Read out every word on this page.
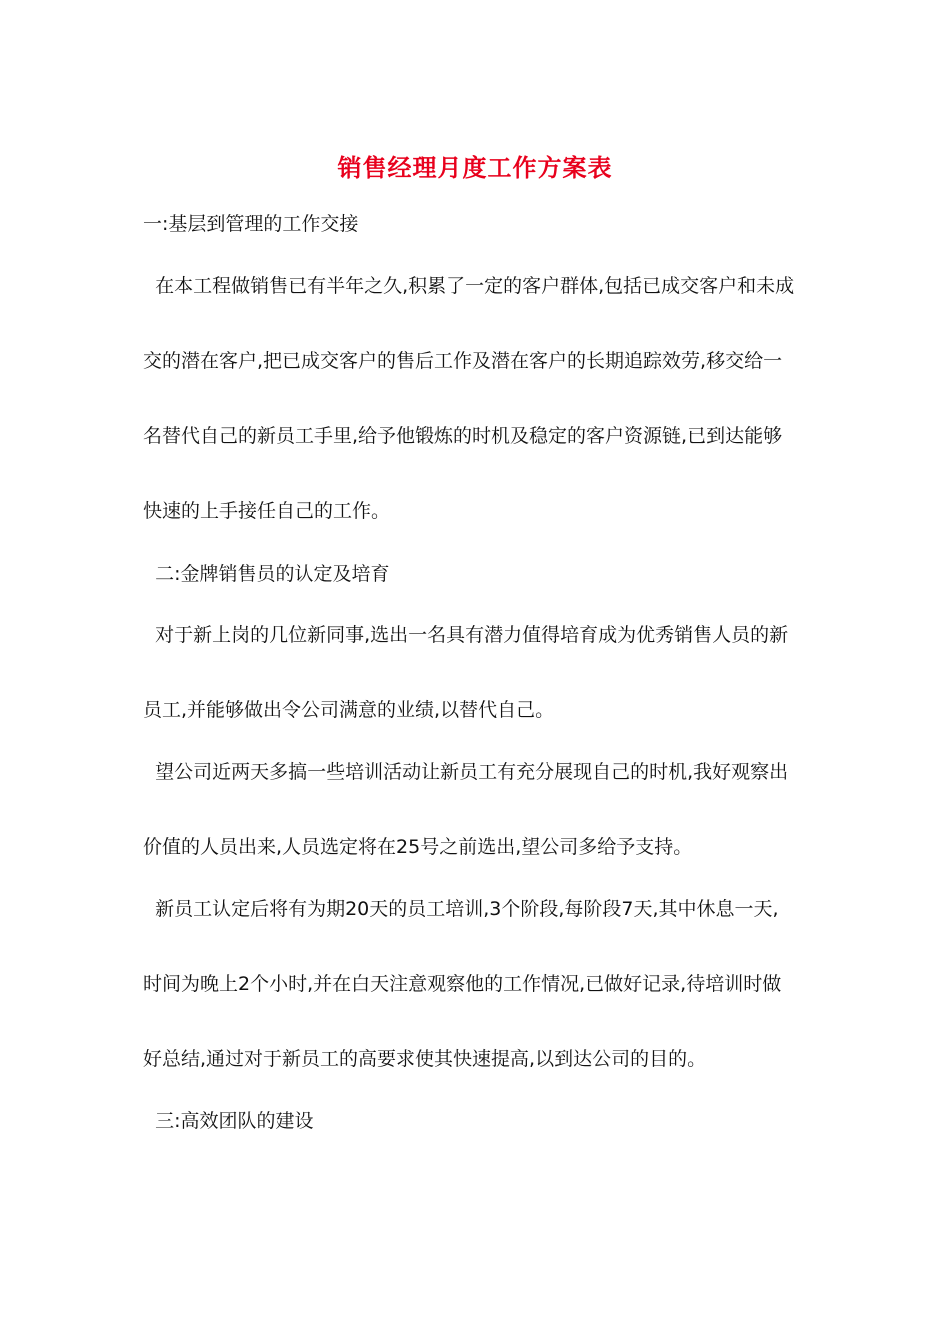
销售经理月度工作方案表
一:基层到管理的工作交接
在本工程做销售已有半年之久,积累了一定的客户群体,包括已成交客户和未成
交的潜在客户,把已成交客户的售后工作及潜在客户的长期追踪效劳,移交给一
名替代自己的新员工手里,给予他锻炼的时机及稳定的客户资源链,已到达能够
快速的上手接任自己的工作。
二:金牌销售员的认定及培育
对于新上岗的几位新同事,选出一名具有潜力值得培育成为优秀销售人员的新
员工,并能够做出令公司满意的业绩,以替代自己。
望公司近两天多搞一些培训活动让新员工有充分展现自己的时机,我好观察出
价值的人员出来,人员选定将在25号之前选出,望公司多给予支持。
新员工认定后将有为期20天的员工培训,3个阶段,每阶段7天,其中休息一天,
时间为晚上2个小时,并在白天注意观察他的工作情况,已做好记录,待培训时做
好总结,通过对于新员工的高要求使其快速提高,以到达公司的目的。
三:高效团队的建设
